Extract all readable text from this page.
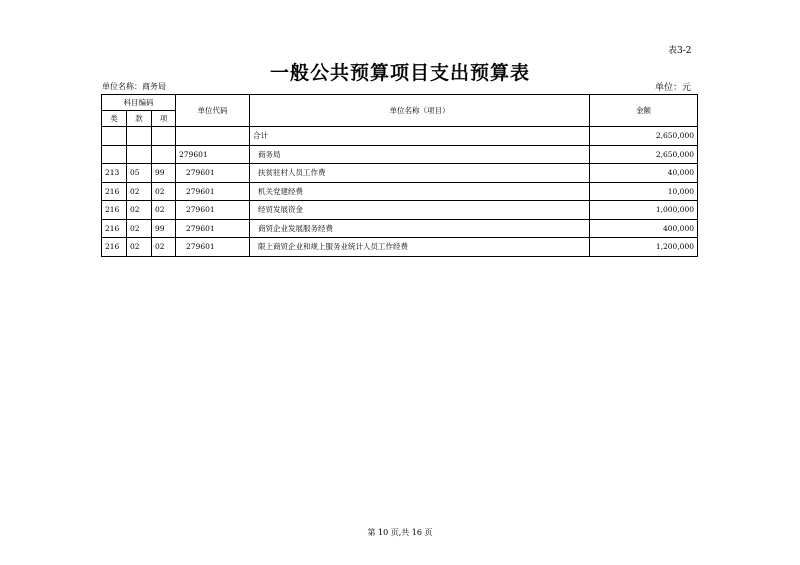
表3-2
一般公共预算项目支出预算表
单位名称：商务局	单位：元
科目编码			单位代码	单位名称（项目）	金额
类	款	项			
				合计	2,650,000
			279601	商务局	2,650,000
213	05	99	279601	扶贫驻村人员工作费	40,000
216	02	02	279601	机关党建经费	10,000
216	02	02	279601	经贸发展资金	1,000,000
216	02	99	279601	商贸企业发展服务经费	400,000
216	02	02	279601	限上商贸企业和规上服务业统计人员工作经费	1,200,000
第 10 页,共 16 页
